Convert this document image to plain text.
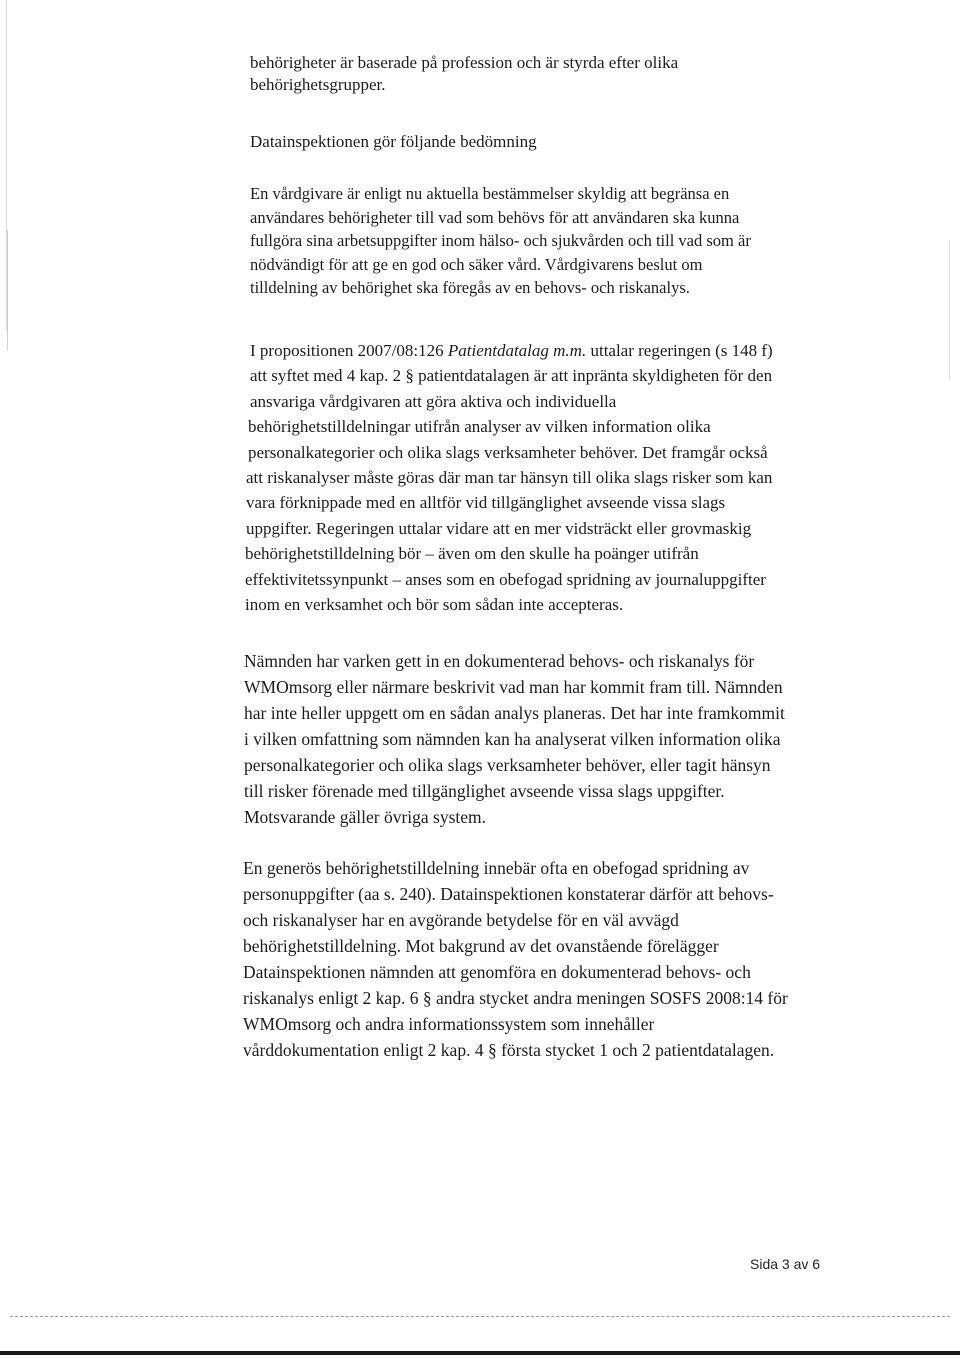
behörigheter är baserade på profession och är styrda efter olika
behörighetsgrupper.
Datainspektionen gör följande bedömning
En vårdgivare är enligt nu aktuella bestämmelser skyldig att begränsa en
användares behörigheter till vad som behövs för att användaren ska kunna
fullgöra sina arbetsuppgifter inom hälso- och sjukvården och till vad som är
nödvändigt för att ge en god och säker vård. Vårdgivarens beslut om
tilldelning av behörighet ska föregås av en behovs- och riskanalys.
I propositionen 2007/08:126 Patientdatalag m.m. uttalar regeringen (s 148 f)
att syftet med 4 kap. 2 § patientdatalagen är att inpränta skyldigheten för den
ansvariga vårdgivaren att göra aktiva och individuella
behörighetstilldelningar utifrån analyser av vilken information olika
personalkategorier och olika slags verksamheter behöver. Det framgår också
att riskanalyser måste göras där man tar hänsyn till olika slags risker som kan
vara förknippade med en alltför vid tillgänglighet avseende vissa slags
uppgifter. Regeringen uttalar vidare att en mer vidsträckt eller grovmaskig
behörighetstilldelning bör – även om den skulle ha poänger utifrån
effektivitetssynpunkt – anses som en obefogad spridning av journaluppgifter
inom en verksamhet och bör som sådan inte accepteras.
Nämnden har varken gett in en dokumenterad behovs- och riskanalys för
WMOmsorg eller närmare beskrivit vad man har kommit fram till. Nämnden
har inte heller uppgett om en sådan analys planeras. Det har inte framkommit
i vilken omfattning som nämnden kan ha analyserat vilken information olika
personalkategorier och olika slags verksamheter behöver, eller tagit hänsyn
till risker förenade med tillgänglighet avseende vissa slags uppgifter.
Motsvarande gäller övriga system.
En generös behörighetstilldelning innebär ofta en obefogad spridning av
personuppgifter (aa s. 240). Datainspektionen konstaterar därför att behovs-
och riskanalyser har en avgörande betydelse för en väl avvägd
behörighetstilldelning. Mot bakgrund av det ovanstående förelägger
Datainspektionen nämnden att genomföra en dokumenterad behovs- och
riskanalys enligt 2 kap. 6 § andra stycket andra meningen SOSFS 2008:14 för
WMOmsorg och andra informationssystem som innehåller
vårddokumentation enligt 2 kap. 4 § första stycket 1 och 2 patientdatalagen.
Sida 3 av 6
